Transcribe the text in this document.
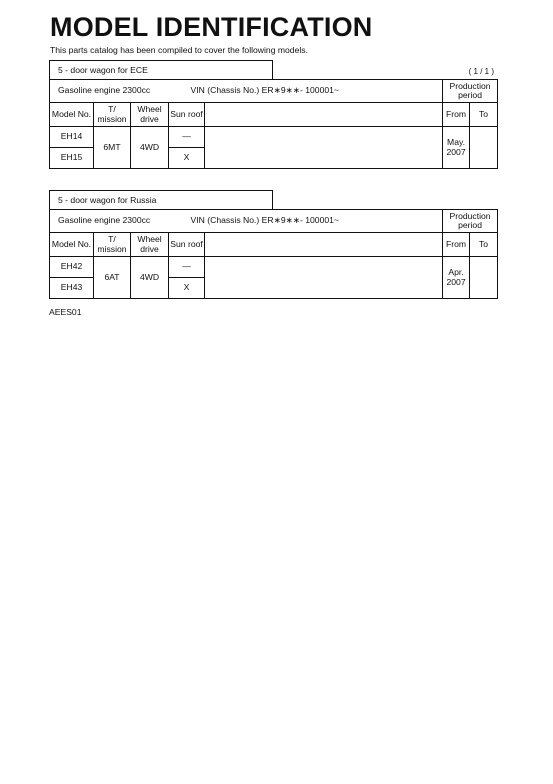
MODEL IDENTIFICATION
This parts catalog has been compiled to cover the following models.
5 - door wagon for ECE	( 1 / 1 )
Gasoline engine 2300cc			VIN (Chassis No.) ER∗9∗∗- 100001~		Production period	
Model No.	T/ mission	Wheel drive	Sun roof		From	To
EH14	6MT	4WD	—		May. 2007	
EH15			X			
5 - door wagon for Russia
Gasoline engine 2300cc			VIN (Chassis No.) ER∗9∗∗- 100001~		Production period	
Model No.	T/ mission	Wheel drive	Sun roof		From	To
EH42	6AT	4WD	—		Apr. 2007	
EH43			X			
AEES01
